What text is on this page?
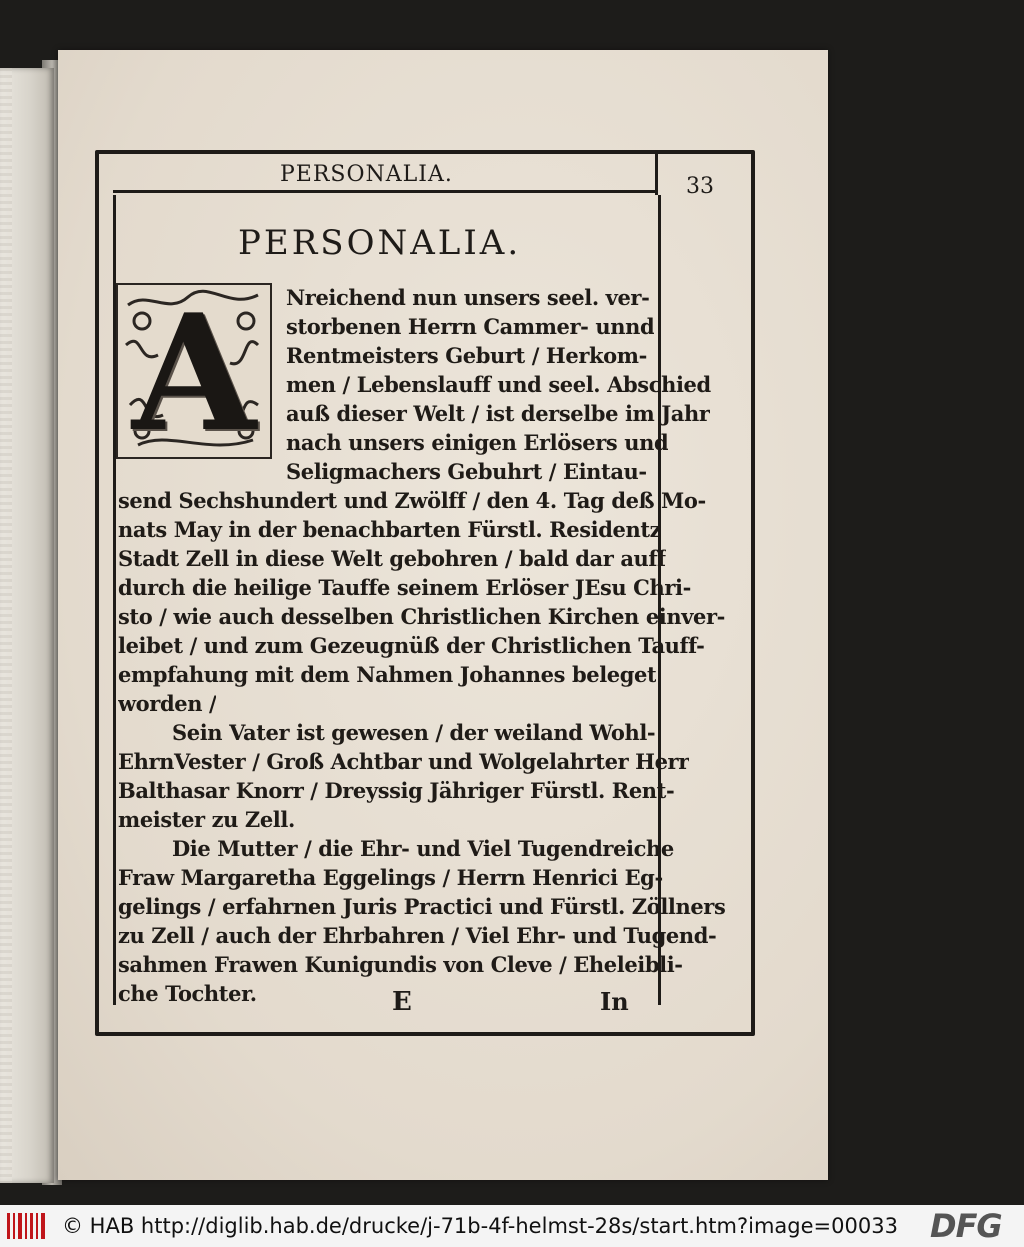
PERSONALIA.	33
PERSONALIA.
A	Nreichend nun unsers seel. ver-
storbenen Herrn Cammer- unnd
Rentmeisters Geburt / Herkom-
men / Lebenslauff und seel. Abschied
auß dieser Welt / ist derselbe im Jahr
nach unsers einigen Erlösers und
Seligmachers Gebuhrt / Eintau-
send Sechshundert und Zwölff / den 4. Tag deß Mo-
nats May in der benachbarten Fürstl. Residentz
Stadt Zell in diese Welt gebohren / bald dar auff
durch die heilige Tauffe seinem Erlöser JEsu Chri-
sto / wie auch desselben Christlichen Kirchen einver-
leibet / und zum Gezeugnüß der Christlichen Tauff-
empfahung mit dem Nahmen Johannes beleget
worden /
Sein Vater ist gewesen / der weiland Wohl-
EhrnVester / Groß Achtbar und Wolgelahrter Herr
Balthasar Knorr / Dreyssig Jähriger Fürstl. Rent-
meister zu Zell.
Die Mutter / die Ehr- und Viel Tugendreiche
Fraw Margaretha Eggelings / Herrn Henrici Eg-
gelings / erfahrnen Juris Practici und Fürstl. Zöllners
zu Zell / auch der Ehrbahren / Viel Ehr- und Tugend-
sahmen Frawen Kunigundis von Cleve / Eheleibli-
che Tochter.	E	In
© HAB http://diglib.hab.de/drucke/j-71b-4f-helmst-28s/start.htm?image=00033	DFG
